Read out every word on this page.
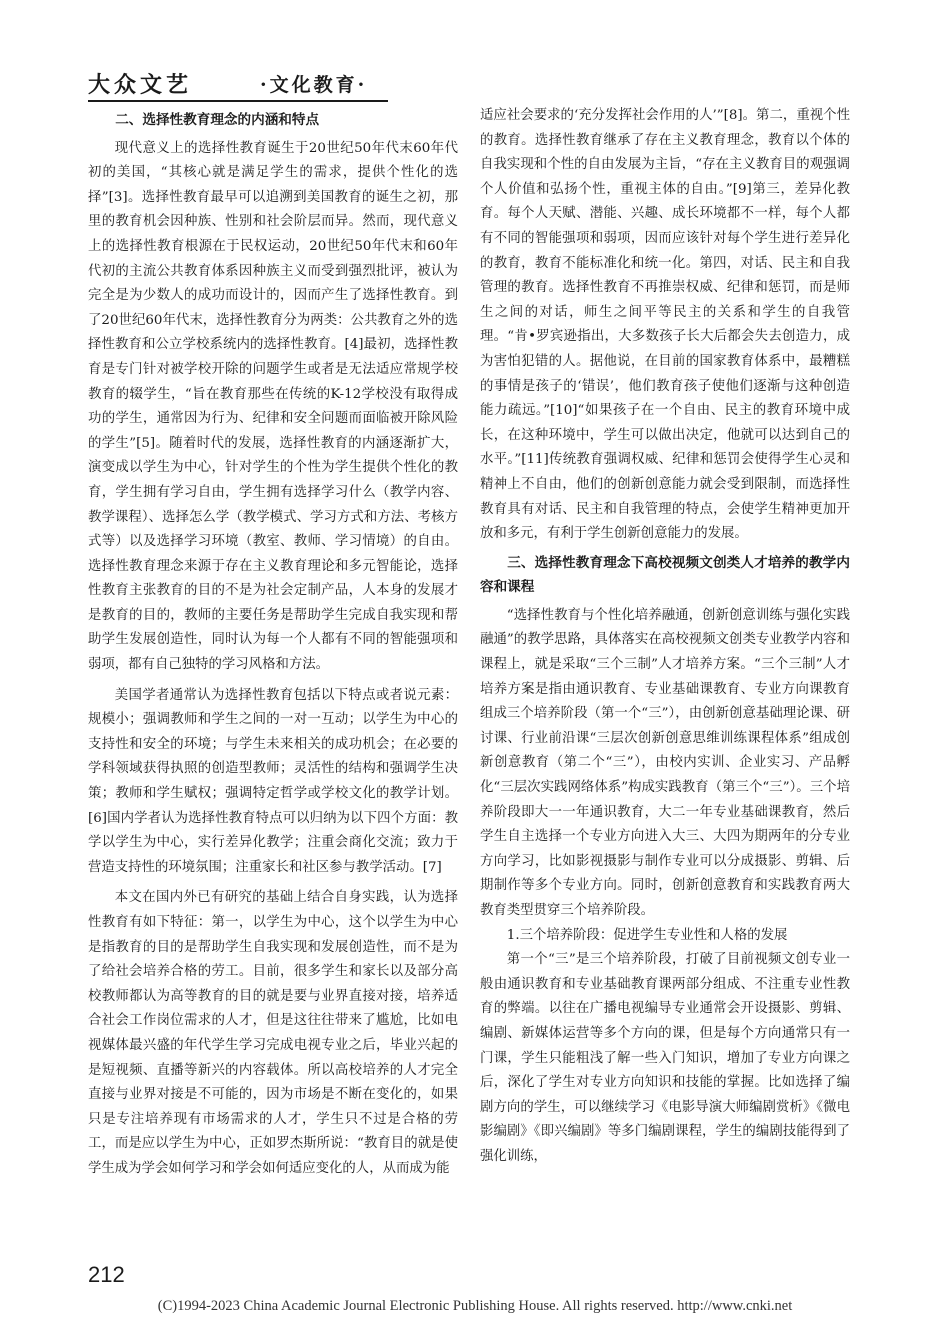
大众文艺	·文化教育·
二、选择性教育理念的内涵和特点

现代意义上的选择性教育诞生于20世纪50年代末60年代初的美国，“其核心就是满足学生的需求，提供个性化的选择”[3]。选择性教育最早可以追溯到美国教育的诞生之初，那里的教育机会因种族、性别和社会阶层而异。然而，现代意义上的选择性教育根源在于民权运动，20世纪50年代末和60年代初的主流公共教育体系因种族主义而受到强烈批评，被认为完全是为少数人的成功而设计的，因而产生了选择性教育。到了20世纪60年代末，选择性教育分为两类：公共教育之外的选择性教育和公立学校系统内的选择性教育。[4]最初，选择性教育是专门针对被学校开除的问题学生或者是无法适应常规学校教育的辍学生，“旨在教育那些在传统的K-12学校没有取得成功的学生，通常因为行为、纪律和安全问题而面临被开除风险的学生”[5]。随着时代的发展，选择性教育的内涵逐渐扩大，演变成以学生为中心，针对学生的个性为学生提供个性化的教育，学生拥有学习自由，学生拥有选择学习什么（教学内容、教学课程）、选择怎么学（教学模式、学习方式和方法、考核方式等）以及选择学习环境（教室、教师、学习情境）的自由。选择性教育理念来源于存在主义教育理论和多元智能论，选择性教育主张教育的目的不是为社会定制产品，人本身的发展才是教育的目的，教师的主要任务是帮助学生完成自我实现和帮助学生发展创造性，同时认为每一个人都有不同的智能强项和弱项，都有自己独特的学习风格和方法。

美国学者通常认为选择性教育包括以下特点或者说元素：规模小；强调教师和学生之间的一对一互动；以学生为中心的支持性和安全的环境；与学生未来相关的成功机会；在必要的学科领域获得执照的创造型教师；灵活性的结构和强调学生决策；教师和学生赋权；强调特定哲学或学校文化的教学计划。[6]国内学者认为选择性教育特点可以归纳为以下四个方面：教学以学生为中心，实行差异化教学；注重会商化交流；致力于营造支持性的环境氛围；注重家长和社区参与教学活动。[7]

本文在国内外已有研究的基础上结合自身实践，认为选择性教育有如下特征：第一，以学生为中心，这个以学生为中心是指教育的目的是帮助学生自我实现和发展创造性，而不是为了给社会培养合格的劳工。目前，很多学生和家长以及部分高校教师都认为高等教育的目的就是要与业界直接对接，培养适合社会工作岗位需求的人才，但是这往往带来了尴尬，比如电视媒体最兴盛的年代学生学习完成电视专业之后，毕业兴起的是短视频、直播等新兴的内容载体。所以高校培养的人才完全直接与业界对接是不可能的，因为市场是不断在变化的，如果只是专注培养现有市场需求的人才，学生只不过是合格的劳工，而是应以学生为中心，正如罗杰斯所说：“教育目的就是使学生成为学会如何学习和学会如何适应变化的人，从而成为能

适应社会要求的‘充分发挥社会作用的人’”[8]。第二，重视个性的教育。选择性教育继承了存在主义教育理念，教育以个体的自我实现和个性的自由发展为主旨，“存在主义教育目的观强调个人价值和弘扬个性，重视主体的自由。”[9]第三，差异化教育。每个人天赋、潜能、兴趣、成长环境都不一样，每个人都有不同的智能强项和弱项，因而应该针对每个学生进行差异化的教育，教育不能标准化和统一化。第四，对话、民主和自我管理的教育。选择性教育不再推崇权威、纪律和惩罚，而是师生之间的对话，师生之间平等民主的关系和学生的自我管理。“肯•罗宾逊指出，大多数孩子长大后都会失去创造力，成为害怕犯错的人。据他说，在目前的国家教育体系中，最糟糕的事情是孩子的‘错误’，他们教育孩子使他们逐渐与这种创造能力疏远。”[10]“如果孩子在一个自由、民主的教育环境中成长，在这种环境中，学生可以做出决定，他就可以达到自己的水平。”[11]传统教育强调权威、纪律和惩罚会使得学生心灵和精神上不自由，他们的创新创意能力就会受到限制，而选择性教育具有对话、民主和自我管理的特点，会使学生精神更加开放和多元，有利于学生创新创意能力的发展。

三、选择性教育理念下高校视频文创类人才培养的教学内容和课程

“选择性教育与个性化培养融通，创新创意训练与强化实践融通”的教学思路，具体落实在高校视频文创类专业教学内容和课程上，就是采取“三个三制”人才培养方案。“三个三制”人才培养方案是指由通识教育、专业基础课教育、专业方向课教育组成三个培养阶段（第一个“三”），由创新创意基础理论课、研讨课、行业前沿课“三层次创新创意思维训练课程体系”组成创新创意教育（第二个“三”），由校内实训、企业实习、产品孵化“三层次实践网络体系”构成实践教育（第三个“三”）。三个培养阶段即大一一年通识教育，大二一年专业基础课教育，然后学生自主选择一个专业方向进入大三、大四为期两年的分专业方向学习，比如影视摄影与制作专业可以分成摄影、剪辑、后期制作等多个专业方向。同时，创新创意教育和实践教育两大教育类型贯穿三个培养阶段。

1.三个培养阶段：促进学生专业性和人格的发展

第一个“三”是三个培养阶段，打破了目前视频文创专业一般由通识教育和专业基础教育课两部分组成、不注重专业性教育的弊端。以往在广播电视编导专业通常会开设摄影、剪辑、编剧、新媒体运营等多个方向的课，但是每个方向通常只有一门课，学生只能粗浅了解一些入门知识，增加了专业方向课之后，深化了学生对专业方向知识和技能的掌握。比如选择了编剧方向的学生，可以继续学习《电影导演大师编剧赏析》《微电影编剧》《即兴编剧》等多门编剧课程，学生的编剧技能得到了强化训练，

212
(C)1994-2023 China Academic Journal Electronic Publishing House. All rights reserved. http://www.cnki.net
